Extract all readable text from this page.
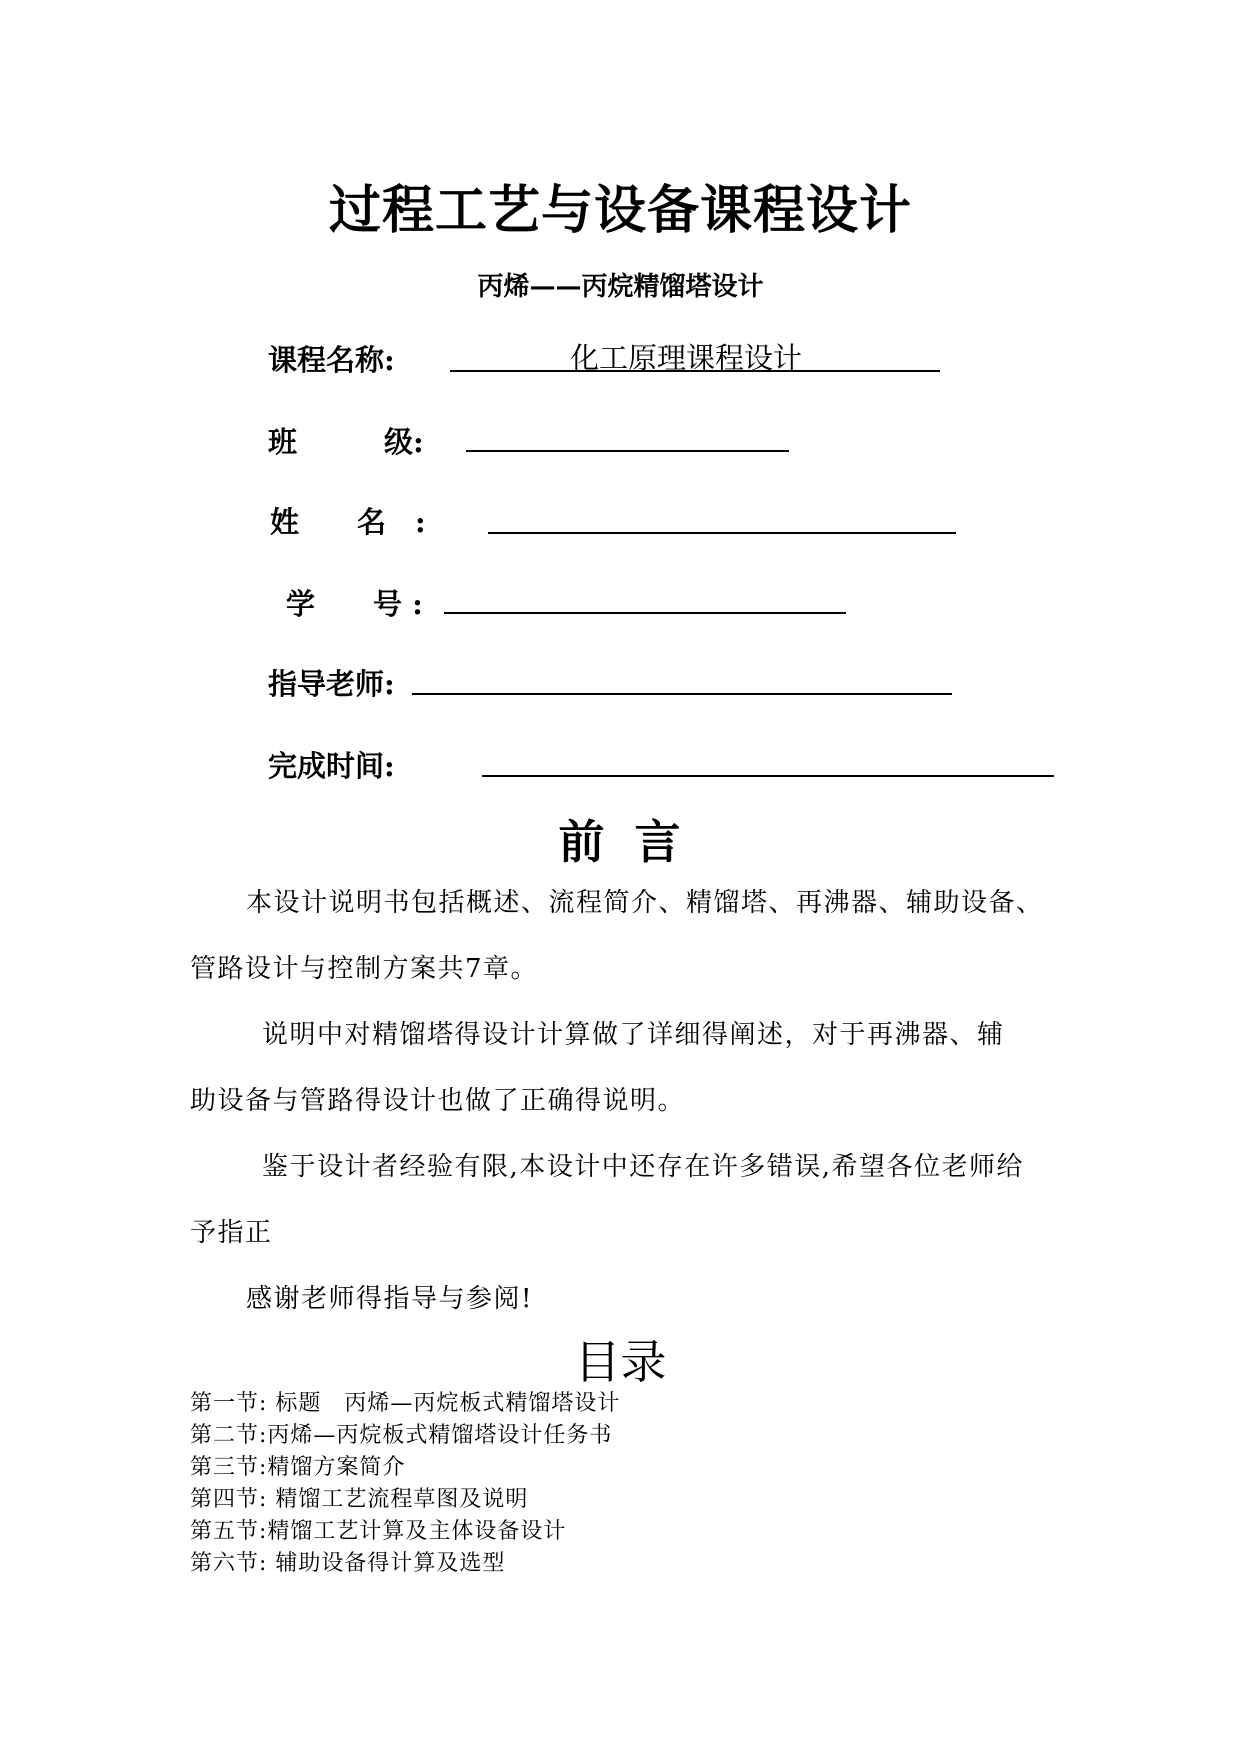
过程工艺与设备课程设计
丙烯——丙烷精馏塔设计
课程名称:	化工原理课程设计
班　　　级:
姓　　名　:
学　　号 :
指导老师:
完成时间:
前言
本设计说明书包括概述、流程简介、精馏塔、再沸器、辅助设备、
管路设计与控制方案共7章。
说明中对精馏塔得设计计算做了详细得阐述，对于再沸器、辅
助设备与管路得设计也做了正确得说明。
鉴于设计者经验有限,本设计中还存在许多错误,希望各位老师给
予指正
感谢老师得指导与参阅!
目录
第一节: 标题　丙烯—丙烷板式精馏塔设计
第二节:丙烯—丙烷板式精馏塔设计任务书
第三节:精馏方案简介
第四节: 精馏工艺流程草图及说明
第五节:精馏工艺计算及主体设备设计
第六节: 辅助设备得计算及选型
